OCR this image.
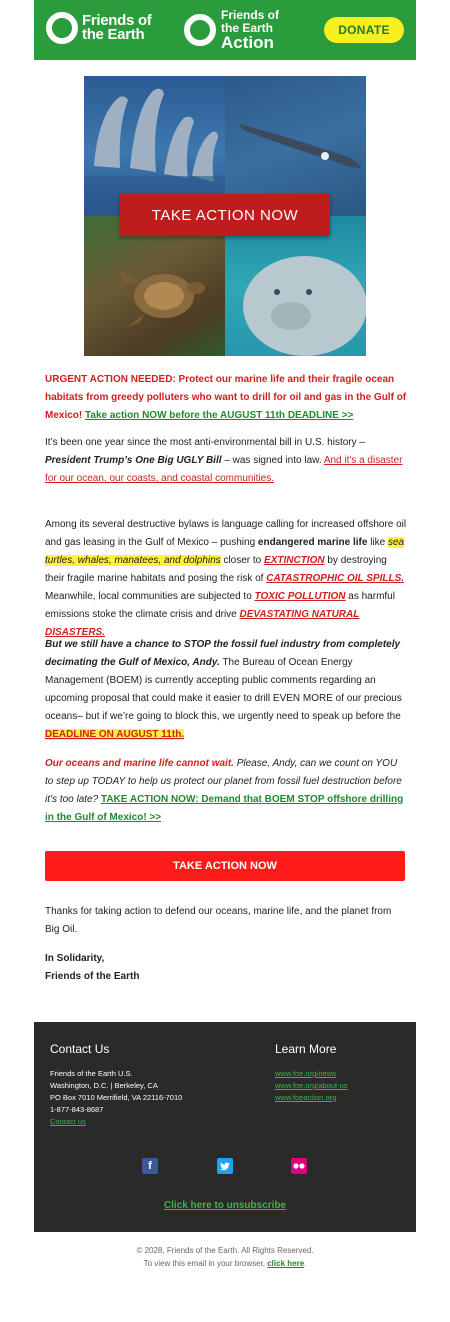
Friends of
the Earth
Friends of
the Earth
Action
DONATE
TAKE ACTION NOW
URGENT ACTION NEEDED: Protect our marine life and their fragile ocean habitats from greedy polluters who want to drill for oil and gas in the Gulf of Mexico! Take action NOW before the AUGUST 11th DEADLINE >>
It’s been one year since the most anti-environmental bill in U.S. history – President Trump’s One Big UGLY Bill – was signed into law. And it's a disaster for our ocean, our coasts, and coastal communities.
Among its several destructive bylaws is language calling for increased offshore oil and gas leasing in the Gulf of Mexico – pushing endangered marine life like sea turtles, whales, manatees, and dolphins closer to EXTINCTION by destroying their fragile marine habitats and posing the risk of CATASTROPHIC OIL SPILLS. Meanwhile, local communities are subjected to TOXIC POLLUTION as harmful emissions stoke the climate crisis and drive DEVASTATING NATURAL DISASTERS.
But we still have a chance to STOP the fossil fuel industry from completely decimating the Gulf of Mexico, Andy. The Bureau of Ocean Energy Management (BOEM) is currently accepting public comments regarding an upcoming proposal that could make it easier to drill EVEN MORE of our precious oceans– but if we’re going to block this, we urgently need to speak up before the DEADLINE ON AUGUST 11th.
Our oceans and marine life cannot wait. Please, Andy, can we count on YOU to step up TODAY to help us protect our planet from fossil fuel destruction before it’s too late? TAKE ACTION NOW: Demand that BOEM STOP offshore drilling in the Gulf of Mexico! >>
TAKE ACTION NOW
Thanks for taking action to defend our oceans, marine life, and the planet from Big Oil.
In Solidarity,
Friends of the Earth
Contact Us	Learn More
Friends of the Earth U.S.
Washington, D.C. | Berkeley, CA
PO Box 7010 Merrifield, VA 22116-7010
1-877-843-8687
Contact us
www.foe.org/news
www.foe.org/about-us
www.foeaction.org
f
Click here to unsubscribe
© 2028, Friends of the Earth. All Rights Reserved.
To view this email in your browser, click here.
